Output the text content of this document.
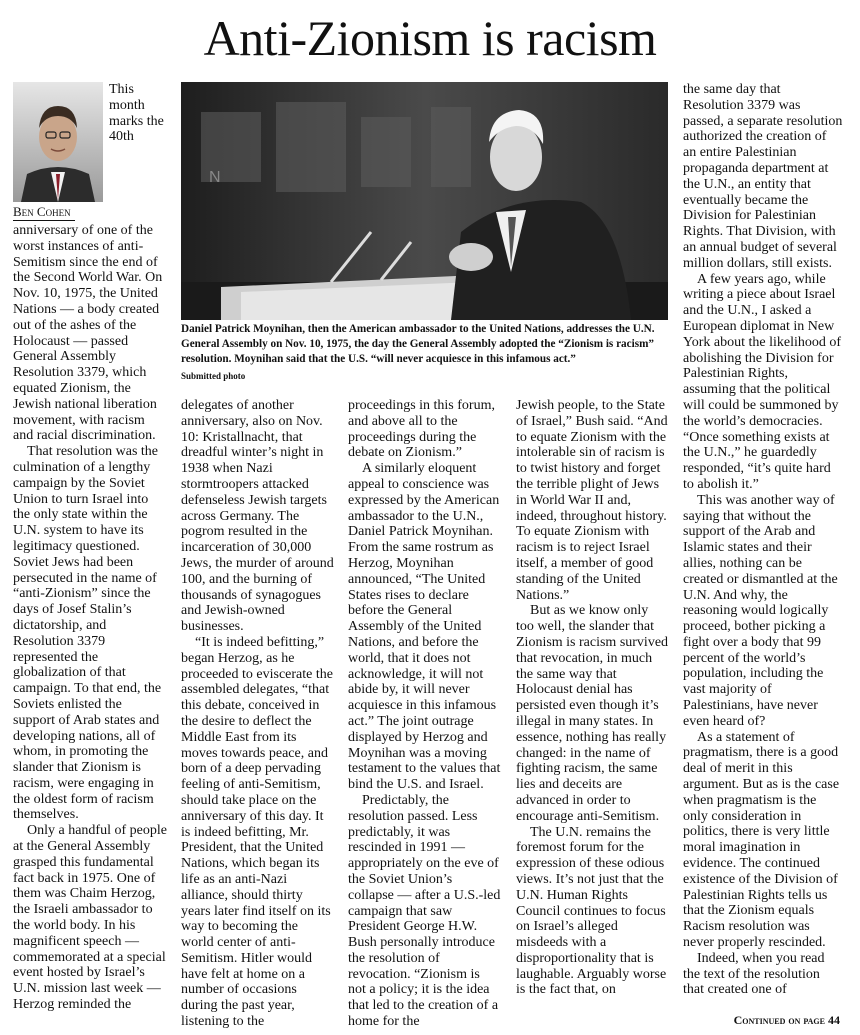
Anti-Zionism is racism
Ben Cohen

This month marks the 40th anniversary of one of the worst instances of anti-Semitism since the end of the Second World War. On Nov. 10, 1975, the United Nations — a body created out of the ashes of the Holocaust — passed General Assembly Resolution 3379, which equated Zionism, the Jewish national liberation movement, with racism and racial discrimination.

That resolution was the culmination of a lengthy campaign by the Soviet Union to turn Israel into the only state within the U.N. system to have its legitimacy questioned. Soviet Jews had been persecuted in the name of “anti-Zionism” since the days of Josef Stalin’s dictatorship, and Resolution 3379 represented the globalization of that campaign. To that end, the Soviets enlisted the support of Arab states and developing nations, all of whom, in promoting the slander that Zionism is racism, were engaging in the oldest form of racism themselves.

Only a handful of people at the General Assembly grasped this fundamental fact back in 1975. One of them was Chaim Herzog, the Israeli ambassador to the world body. In his magnificent speech — commemorated at a special event hosted by Israel’s U.N. mission last week — Herzog reminded the

N

Daniel Patrick Moynihan, then the American ambassador to the United Nations, addresses the U.N. General Assembly on Nov. 10, 1975, the day the General Assembly adopted the “Zionism is racism” resolution. Moynihan said that the U.S. “will never acquiesce in this infamous act.”
Submitted photo

delegates of another anniversary, also on Nov. 10: Kristallnacht, that dreadful winter’s night in 1938 when Nazi stormtroopers attacked defenseless Jewish targets across Germany. The pogrom resulted in the incarceration of 30,000 Jews, the murder of around 100, and the burning of thousands of synagogues and Jewish-owned businesses.

“It is indeed befitting,” began Herzog, as he proceeded to eviscerate the assembled delegates, “that this debate, conceived in the desire to deflect the Middle East from its moves towards peace, and born of a deep pervading feeling of anti-Semitism, should take place on the anniversary of this day. It is indeed befitting, Mr. President, that the United Nations, which began its life as an anti-Nazi alliance, should thirty years later find itself on its way to becoming the world center of anti-Semitism. Hitler would have felt at home on a number of occasions during the past year, listening to the

proceedings in this forum, and above all to the proceedings during the debate on Zionism.”

A similarly eloquent appeal to conscience was expressed by the American ambassador to the U.N., Daniel Patrick Moynihan. From the same rostrum as Herzog, Moynihan announced, “The United States rises to declare before the General Assembly of the United Nations, and before the world, that it does not acknowledge, it will not abide by, it will never acquiesce in this infamous act.” The joint outrage displayed by Herzog and Moynihan was a moving testament to the values that bind the U.S. and Israel.

Predictably, the resolution passed. Less predictably, it was rescinded in 1991 — appropriately on the eve of the Soviet Union’s collapse — after a U.S.-led campaign that saw President George H.W. Bush personally introduce the resolution of revocation. “Zionism is not a policy; it is the idea that led to the creation of a home for the

Jewish people, to the State of Israel,” Bush said. “And to equate Zionism with the intolerable sin of racism is to twist history and forget the terrible plight of Jews in World War II and, indeed, throughout history. To equate Zionism with racism is to reject Israel itself, a member of good standing of the United Nations.”

But as we know only too well, the slander that Zionism is racism survived that revocation, in much the same way that Holocaust denial has persisted even though it’s illegal in many states. In essence, nothing has really changed: in the name of fighting racism, the same lies and deceits are advanced in order to encourage anti-Semitism.

The U.N. remains the foremost forum for the expression of these odious views. It’s not just that the U.N. Human Rights Council continues to focus on Israel’s alleged misdeeds with a disproportionality that is laughable. Arguably worse is the fact that, on

the same day that Resolution 3379 was passed, a separate resolution authorized the creation of an entire Palestinian propaganda department at the U.N., an entity that eventually became the Division for Palestinian Rights. That Division, with an annual budget of several million dollars, still exists.

A few years ago, while writing a piece about Israel and the U.N., I asked a European diplomat in New York about the likelihood of abolishing the Division for Palestinian Rights, assuming that the political will could be summoned by the world’s democracies. “Once something exists at the U.N.,” he guardedly responded, “it’s quite hard to abolish it.”

This was another way of saying that without the support of the Arab and Islamic states and their allies, nothing can be created or dismantled at the U.N. And why, the reasoning would logically proceed, bother picking a fight over a body that 99 percent of the world’s population, including the vast majority of Palestinians, have never even heard of?

As a statement of pragmatism, there is a good deal of merit in this argument. But as is the case when pragmatism is the only consideration in politics, there is very little moral imagination in evidence. The continued existence of the Division of Palestinian Rights tells us that the Zionism equals Racism resolution was never properly rescinded.

Indeed, when you read the text of the resolution that created one of

Continued on page 44
